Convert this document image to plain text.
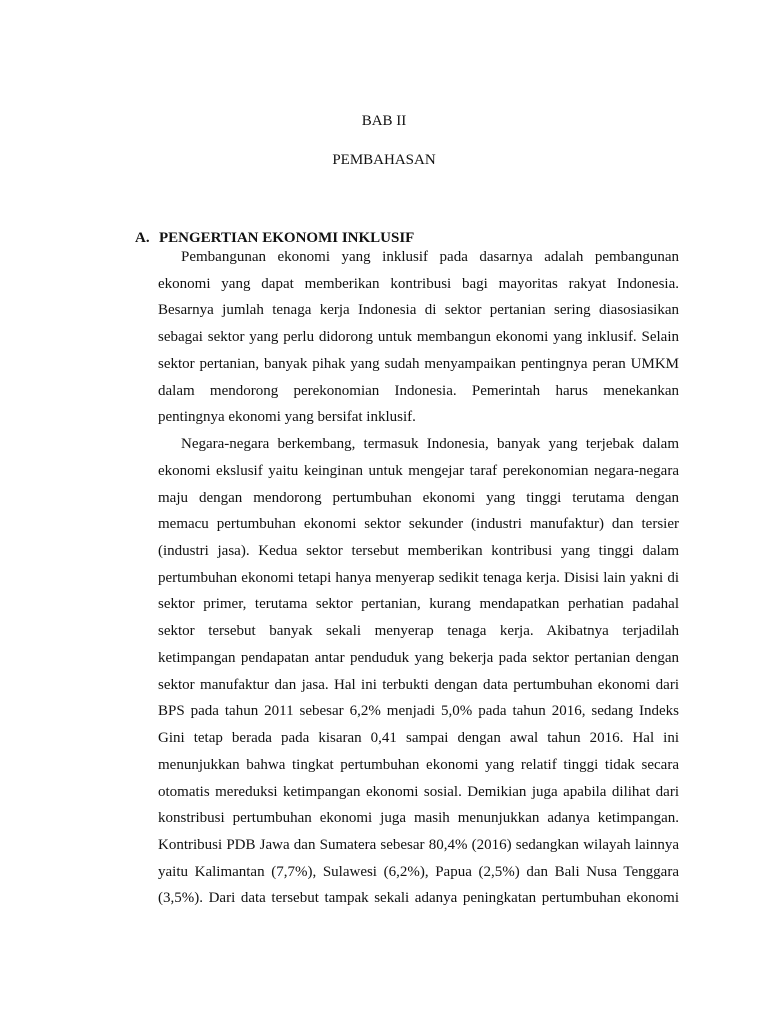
BAB II
PEMBAHASAN
A. PENGERTIAN EKONOMI INKLUSIF
Pembangunan ekonomi yang inklusif pada dasarnya adalah pembangunan
ekonomi yang dapat memberikan kontribusi bagi mayoritas rakyat Indonesia.
Besarnya jumlah tenaga kerja Indonesia di sektor pertanian sering diasosiasikan
sebagai sektor yang perlu didorong untuk membangun ekonomi yang inklusif. Selain
sektor pertanian, banyak pihak yang sudah menyampaikan pentingnya peran UMKM
dalam mendorong perekonomian Indonesia. Pemerintah harus menekankan
pentingnya ekonomi yang bersifat inklusif.
Negara-negara berkembang, termasuk Indonesia, banyak yang terjebak dalam
ekonomi ekslusif yaitu keinginan untuk mengejar taraf perekonomian negara-negara
maju dengan mendorong pertumbuhan ekonomi yang tinggi terutama dengan
memacu pertumbuhan ekonomi sektor sekunder (industri manufaktur) dan tersier
(industri jasa). Kedua sektor tersebut memberikan kontribusi yang tinggi dalam
pertumbuhan ekonomi tetapi hanya menyerap sedikit tenaga kerja. Disisi lain yakni di
sektor primer, terutama sektor pertanian, kurang mendapatkan perhatian padahal
sektor tersebut banyak sekali menyerap tenaga kerja. Akibatnya terjadilah
ketimpangan pendapatan antar penduduk yang bekerja pada sektor pertanian dengan
sektor manufaktur dan jasa. Hal ini terbukti dengan data pertumbuhan ekonomi dari
BPS pada tahun 2011 sebesar 6,2% menjadi 5,0% pada tahun 2016, sedang Indeks
Gini tetap berada pada kisaran 0,41 sampai dengan awal tahun 2016. Hal ini
menunjukkan bahwa tingkat pertumbuhan ekonomi yang relatif tinggi tidak secara
otomatis mereduksi ketimpangan ekonomi sosial. Demikian juga apabila dilihat dari
konstribusi pertumbuhan ekonomi juga masih menunjukkan adanya ketimpangan.
Kontribusi PDB Jawa dan Sumatera sebesar 80,4% (2016) sedangkan wilayah lainnya
yaitu Kalimantan (7,7%), Sulawesi (6,2%), Papua (2,5%) dan Bali Nusa Tenggara
(3,5%). Dari data tersebut tampak sekali adanya peningkatan pertumbuhan ekonomi
